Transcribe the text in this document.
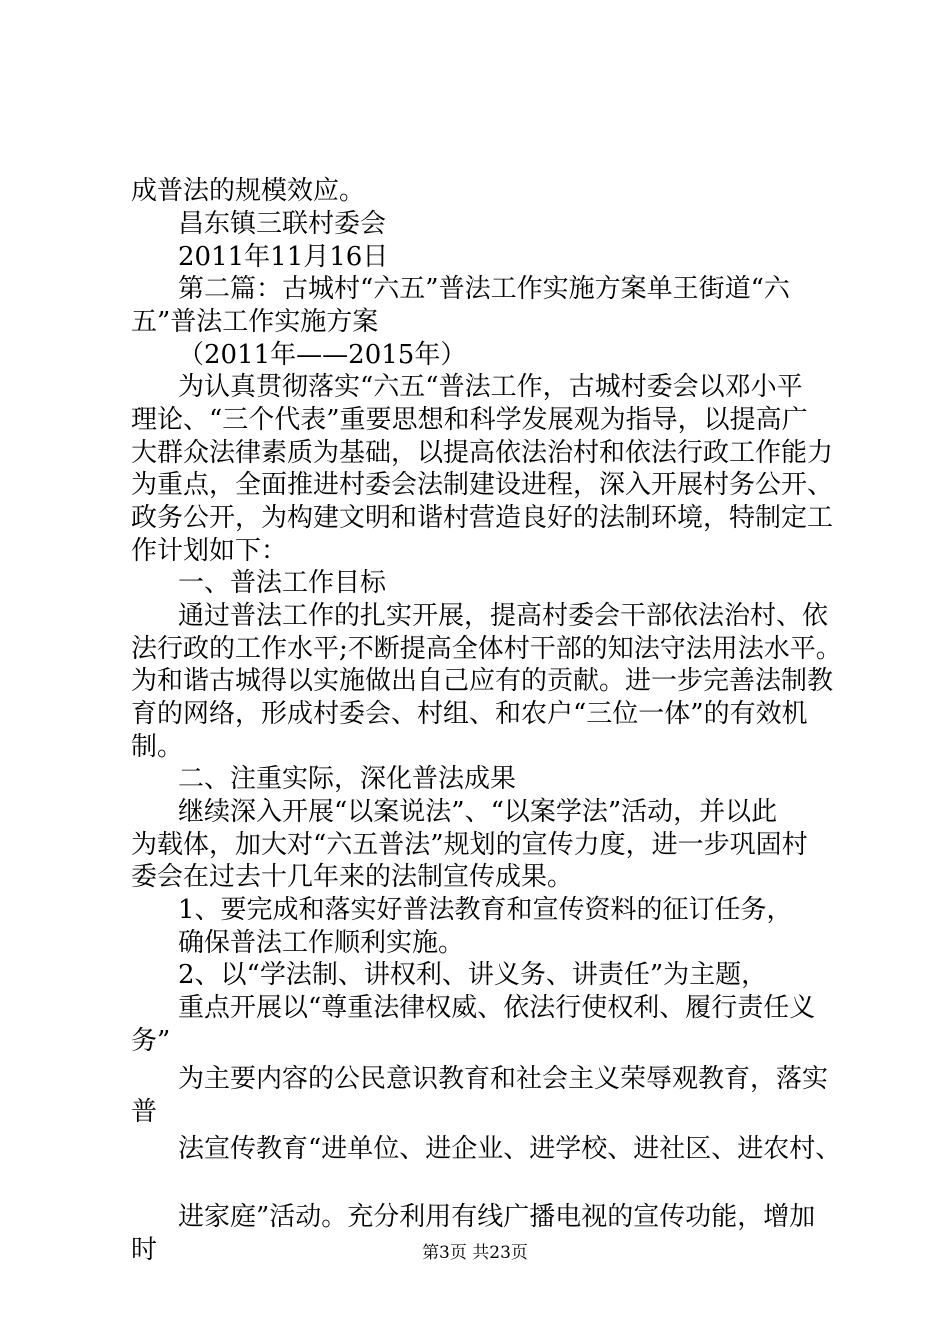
成普法的规模效应。
昌东镇三联村委会
2011年11月16日
第二篇：古城村“六五”普法工作实施方案单王街道“六
五”普法工作实施方案
（2011年——2015年）
为认真贯彻落实“六五“普法工作，古城村委会以邓小平
理论、“三个代表”重要思想和科学发展观为指导，以提高广
大群众法律素质为基础，以提高依法治村和依法行政工作能力
为重点，全面推进村委会法制建设进程，深入开展村务公开、
政务公开，为构建文明和谐村营造良好的法制环境，特制定工
作计划如下：
一、普法工作目标
通过普法工作的扎实开展，提高村委会干部依法治村、依
法行政的工作水平;不断提高全体村干部的知法守法用法水平。
为和谐古城得以实施做出自己应有的贡献。进一步完善法制教
育的网络，形成村委会、村组、和农户“三位一体”的有效机
制。
二、注重实际，深化普法成果
继续深入开展“以案说法”、“以案学法”活动，并以此
为载体，加大对“六五普法”规划的宣传力度，进一步巩固村
委会在过去十几年来的法制宣传成果。
1、要完成和落实好普法教育和宣传资料的征订任务，
确保普法工作顺利实施。
2、以“学法制、讲权利、讲义务、讲责任”为主题，
重点开展以“尊重法律权威、依法行使权利、履行责任义
务”
为主要内容的公民意识教育和社会主义荣辱观教育，落实
普
法宣传教育“进单位、进企业、进学校、进社区、进农村、
进家庭”活动。充分利用有线广播电视的宣传功能，增加
时	第3页 共23页
